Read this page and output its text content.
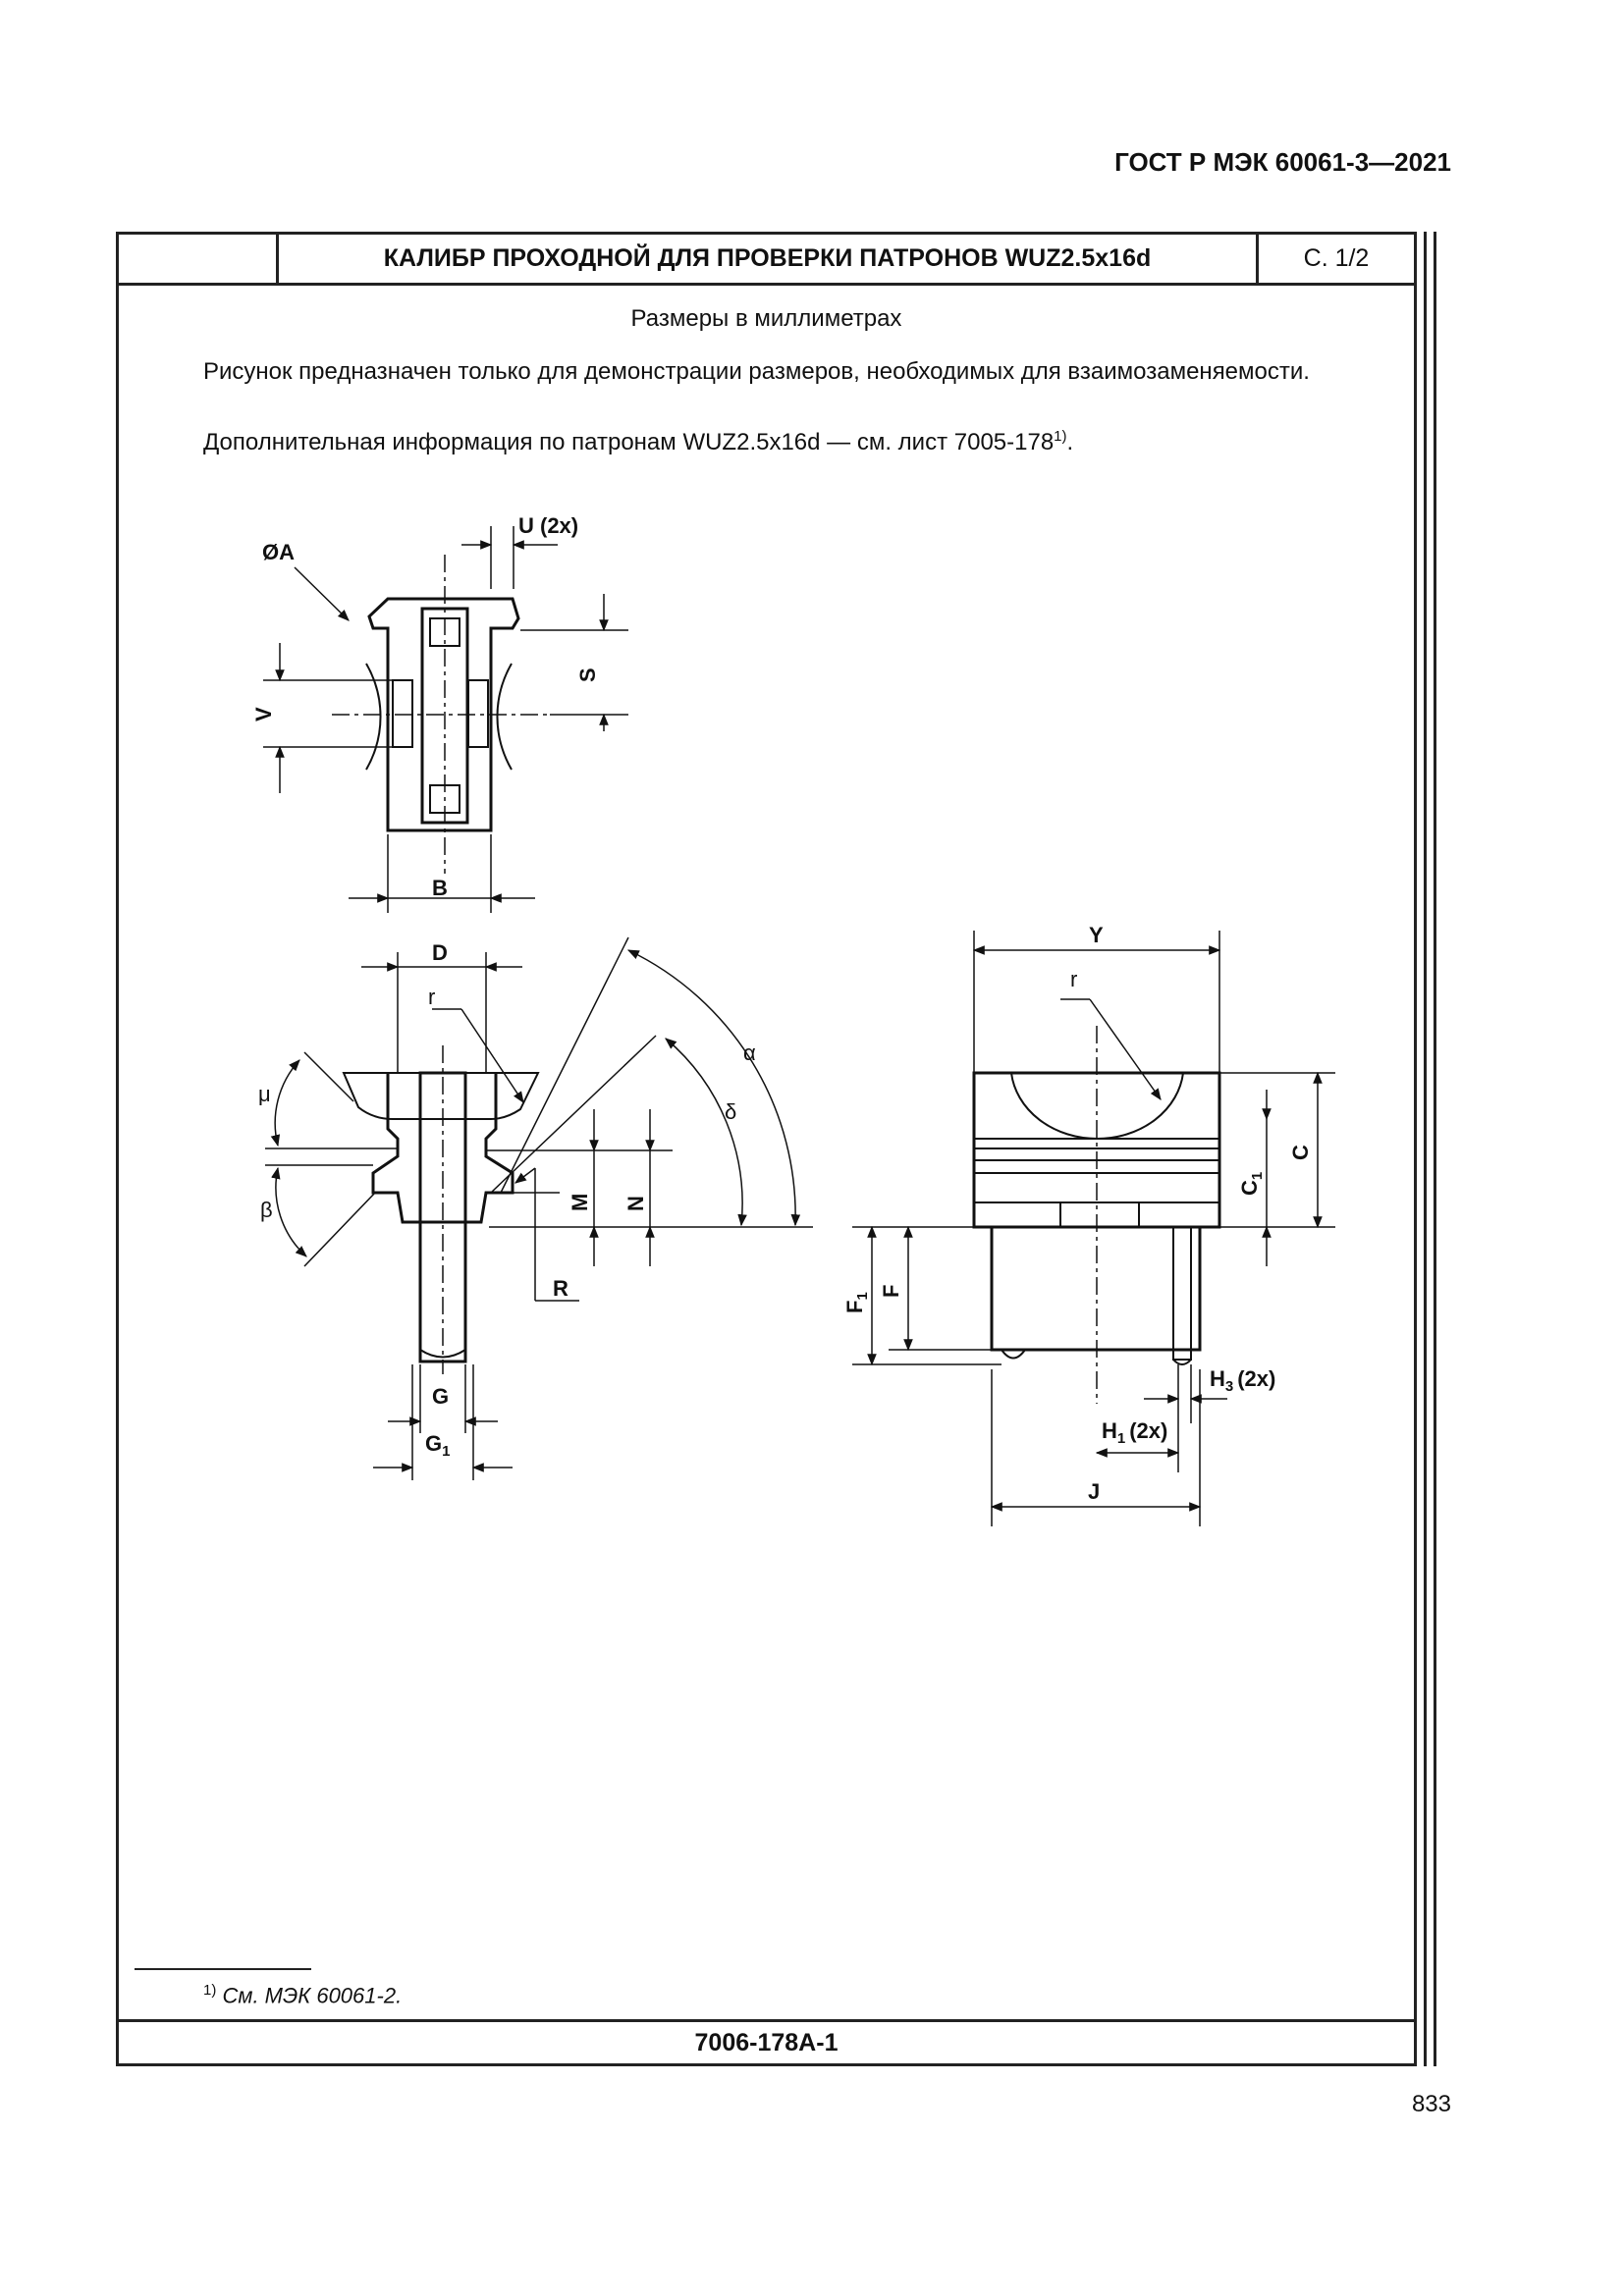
ГОСТ Р МЭК 60061-3—2021
КАЛИБР ПРОХОДНОЙ ДЛЯ ПРОВЕРКИ ПАТРОНОВ WUZ2.5x16d	С. 1/2
Размеры в миллиметрах
Рисунок предназначен только для демонстрации размеров, необходимых для взаимозаменяемости.
Дополнительная информация по патронам WUZ2.5x16d — см. лист 7005-178$^{1)}$.
$^{1)}$ См. МЭК 60061-2.
7006-178A-1
833
ØA
U (2x)
S
V
B
D
r
μ
β
α
δ
M N
R
G
$G_1$
Y
r
C
$C_1$
F
$F_1$
$H_3$ (2x)
$H_1$ (2x)
J
